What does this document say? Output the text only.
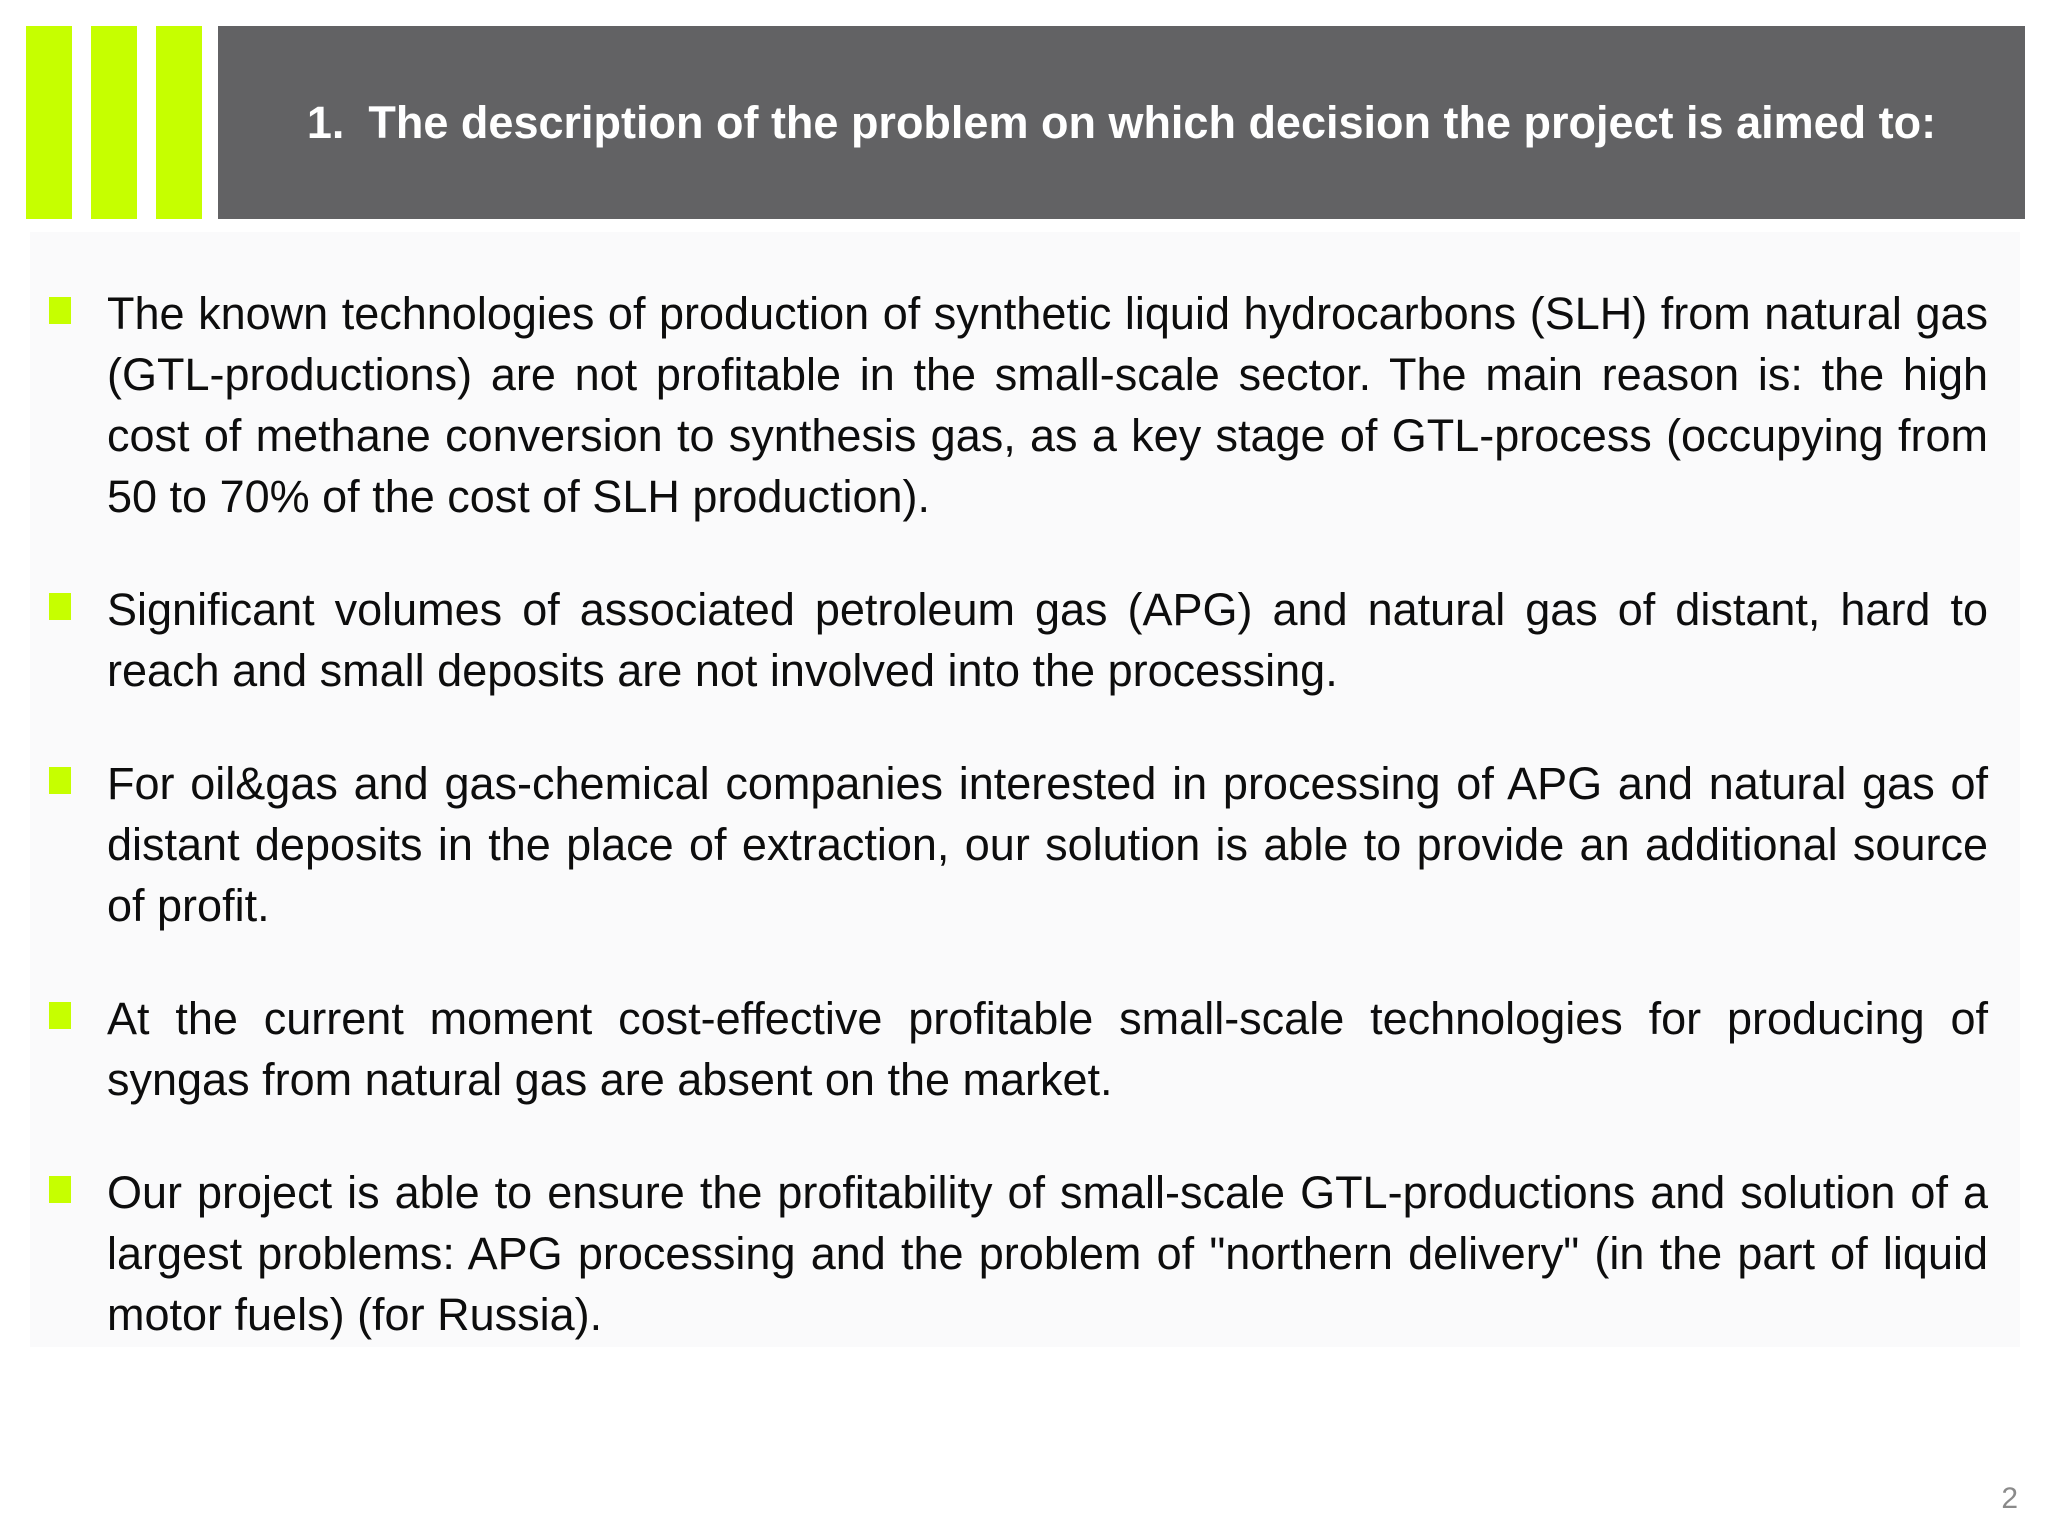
1. The description of the problem on which decision the project is aimed to:
The known technologies of production of synthetic liquid hydrocarbons (SLH) from natural gas (GTL-productions) are not profitable in the small-scale sector. The main reason is: the high cost of methane conversion to synthesis gas, as a key stage of GTL-process (occupying from 50 to 70% of the cost of SLH production).
Significant volumes of associated petroleum gas (APG) and natural gas of distant, hard to reach and small deposits are not involved into the processing.
For oil&gas and gas-chemical companies interested in processing of APG and natural gas of distant deposits in the place of extraction, our solution is able to provide an additional source of profit.
At the current moment cost-effective profitable small-scale technologies for producing of syngas from natural gas are absent on the market.
Our project is able to ensure the profitability of small-scale GTL-productions and solution of a largest problems: APG processing and the problem of "northern delivery" (in the part of liquid motor fuels) (for Russia).
2
